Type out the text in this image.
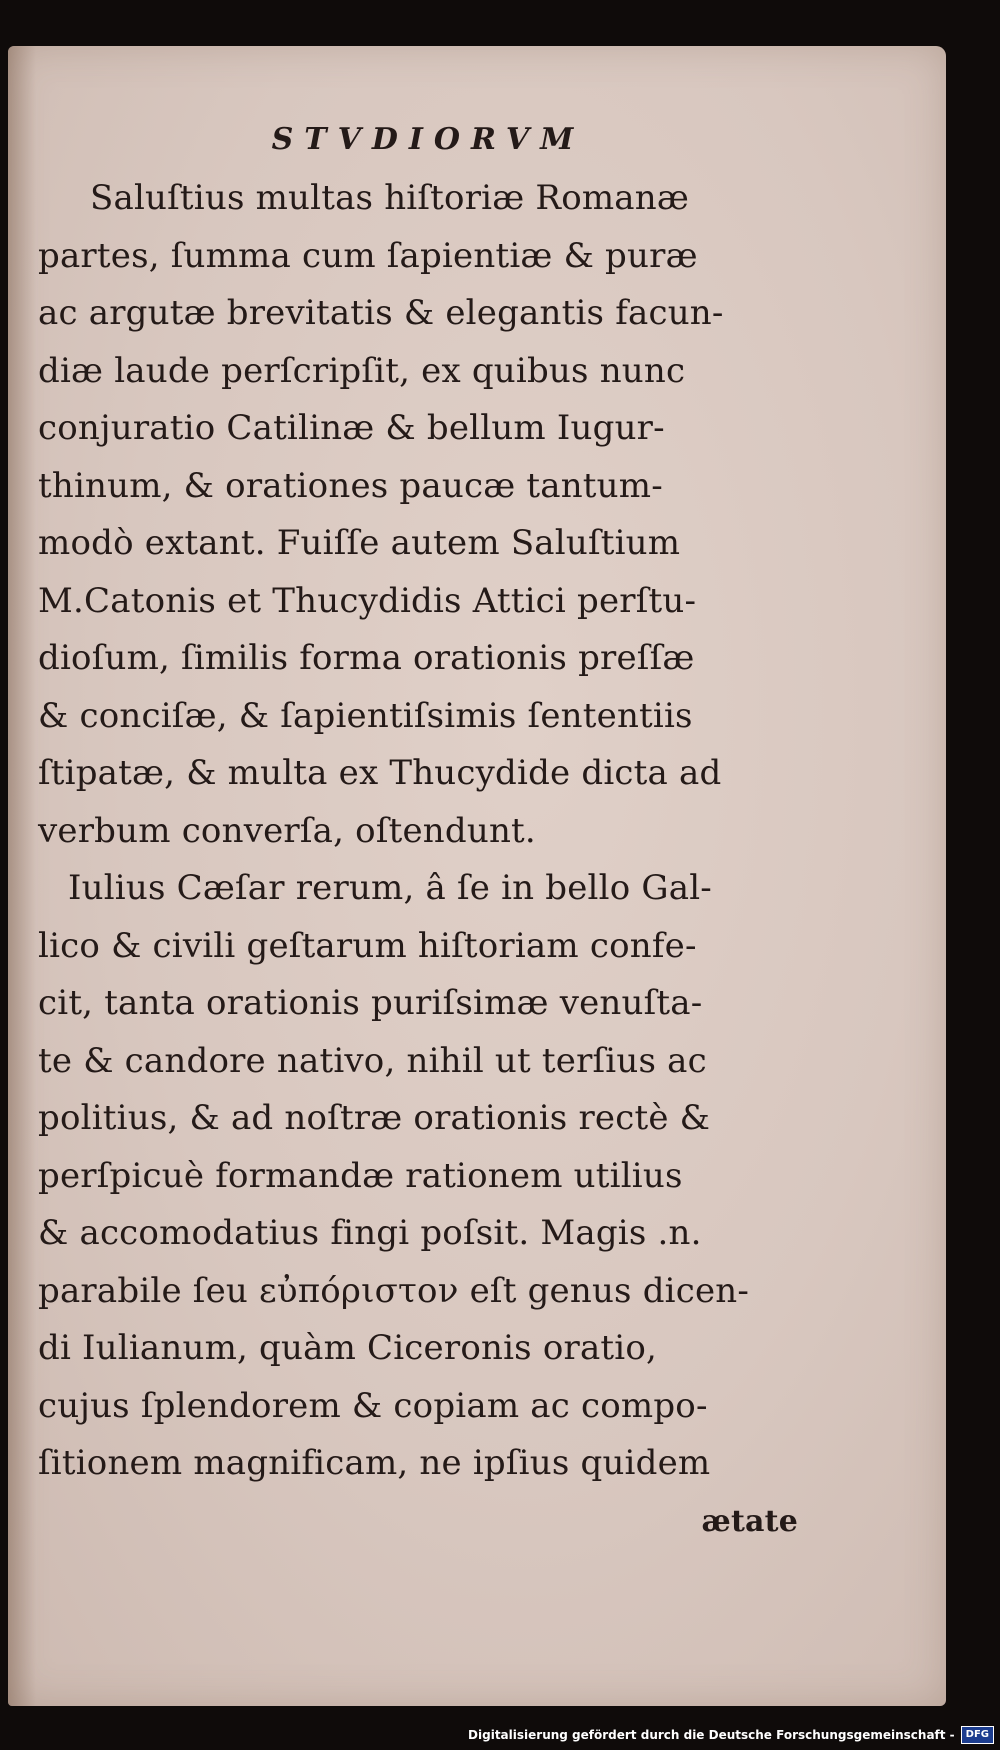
STVDIORVM
Saluſtius multas hiſtoriæ Romanæ
partes, ſumma cum ſapientiæ & puræ
ac argutæ brevitatis & elegantis facun-
diæ laude perſcripſit, ex quibus nunc
conjuratio Catilinæ & bellum Iugur-
thinum, & orationes paucæ tantum-
modò extant. Fuiſſe autem Saluſtium
M.Catonis et Thucydidis Attici perſtu-
dioſum, ſimilis forma orationis preſſæ
& conciſæ, & ſapientiſsimis ſententiis
ſtipatæ, & multa ex Thucydide dicta ad
verbum converſa, oſtendunt.
Iulius Cæſar rerum, â ſe in bello Gal-
lico & civili geſtarum hiſtoriam confe-
cit, tanta orationis puriſsimæ venuſta-
te & candore nativo, nihil ut terſius ac
politius, & ad noſtræ orationis rectè &
perſpicuè formandæ rationem utilius
& accomodatius fingi poſsit. Magis .n.
parabile ſeu εὐπόριστον eſt genus dicen-
di Iulianum, quàm Ciceronis oratio,
cujus ſplendorem & copiam ac compo-
ſitionem magnificam, ne ipſius quidem
ætate
Digitalisierung gefördert durch die Deutsche Forschungsgemeinschaft -	DFG
